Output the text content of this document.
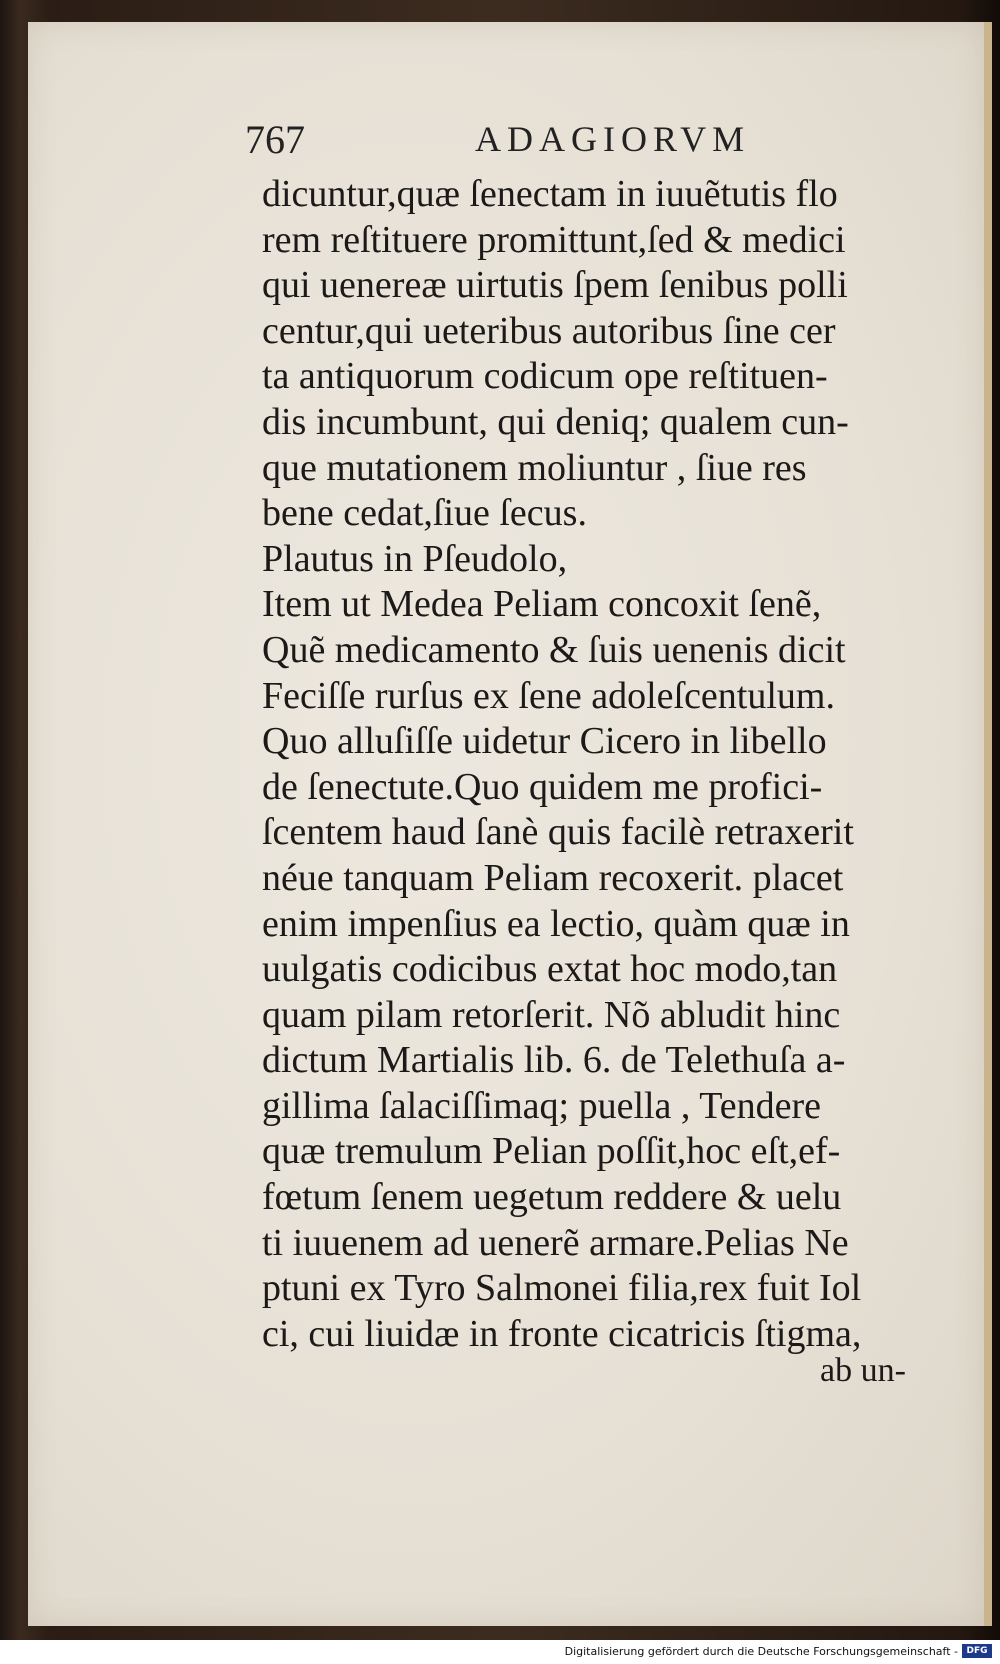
767	ADAGIORVM
dicuntur,quæ ſenectam in iuuẽtutis flo
rem reſtituere promittunt,ſed & medici
qui uenereæ uirtutis ſpem ſenibus polli
centur,qui ueteribus autoribus ſine cer
ta antiquorum codicum ope reſtituen-
dis incumbunt, qui deniq; qualem cun-
que mutationem moliuntur , ſiue res
bene cedat,ſiue ſecus.
Plautus in Pſeudolo,
Item ut Medea Peliam concoxit ſenẽ,
Quẽ medicamento & ſuis uenenis dicit
Feciſſe rurſus ex ſene adoleſcentulum.
Quo alluſiſſe uidetur Cicero in libello
de ſenectute.Quo quidem me profici-
ſcentem haud ſanè quis facilè retraxerit
néue tanquam Peliam recoxerit. placet
enim impenſius ea lectio, quàm quæ in
uulgatis codicibus extat hoc modo,tan
quam pilam retorſerit. Nõ abludit hinc
dictum Martialis lib. 6. de Telethuſa a-
gillima ſalaciſſimaq; puella , Tendere
quæ tremulum Pelian poſſit,hoc eſt,ef-
fœtum ſenem uegetum reddere & uelu
ti iuuenem ad uenerẽ armare.Pelias Ne
ptuni ex Tyro Salmonei filia,rex fuit Iol
ci, cui liuidæ in fronte cicatricis ſtigma,
ab un-
Digitalisierung gefördert durch die Deutsche Forschungsgemeinschaft - DFG
